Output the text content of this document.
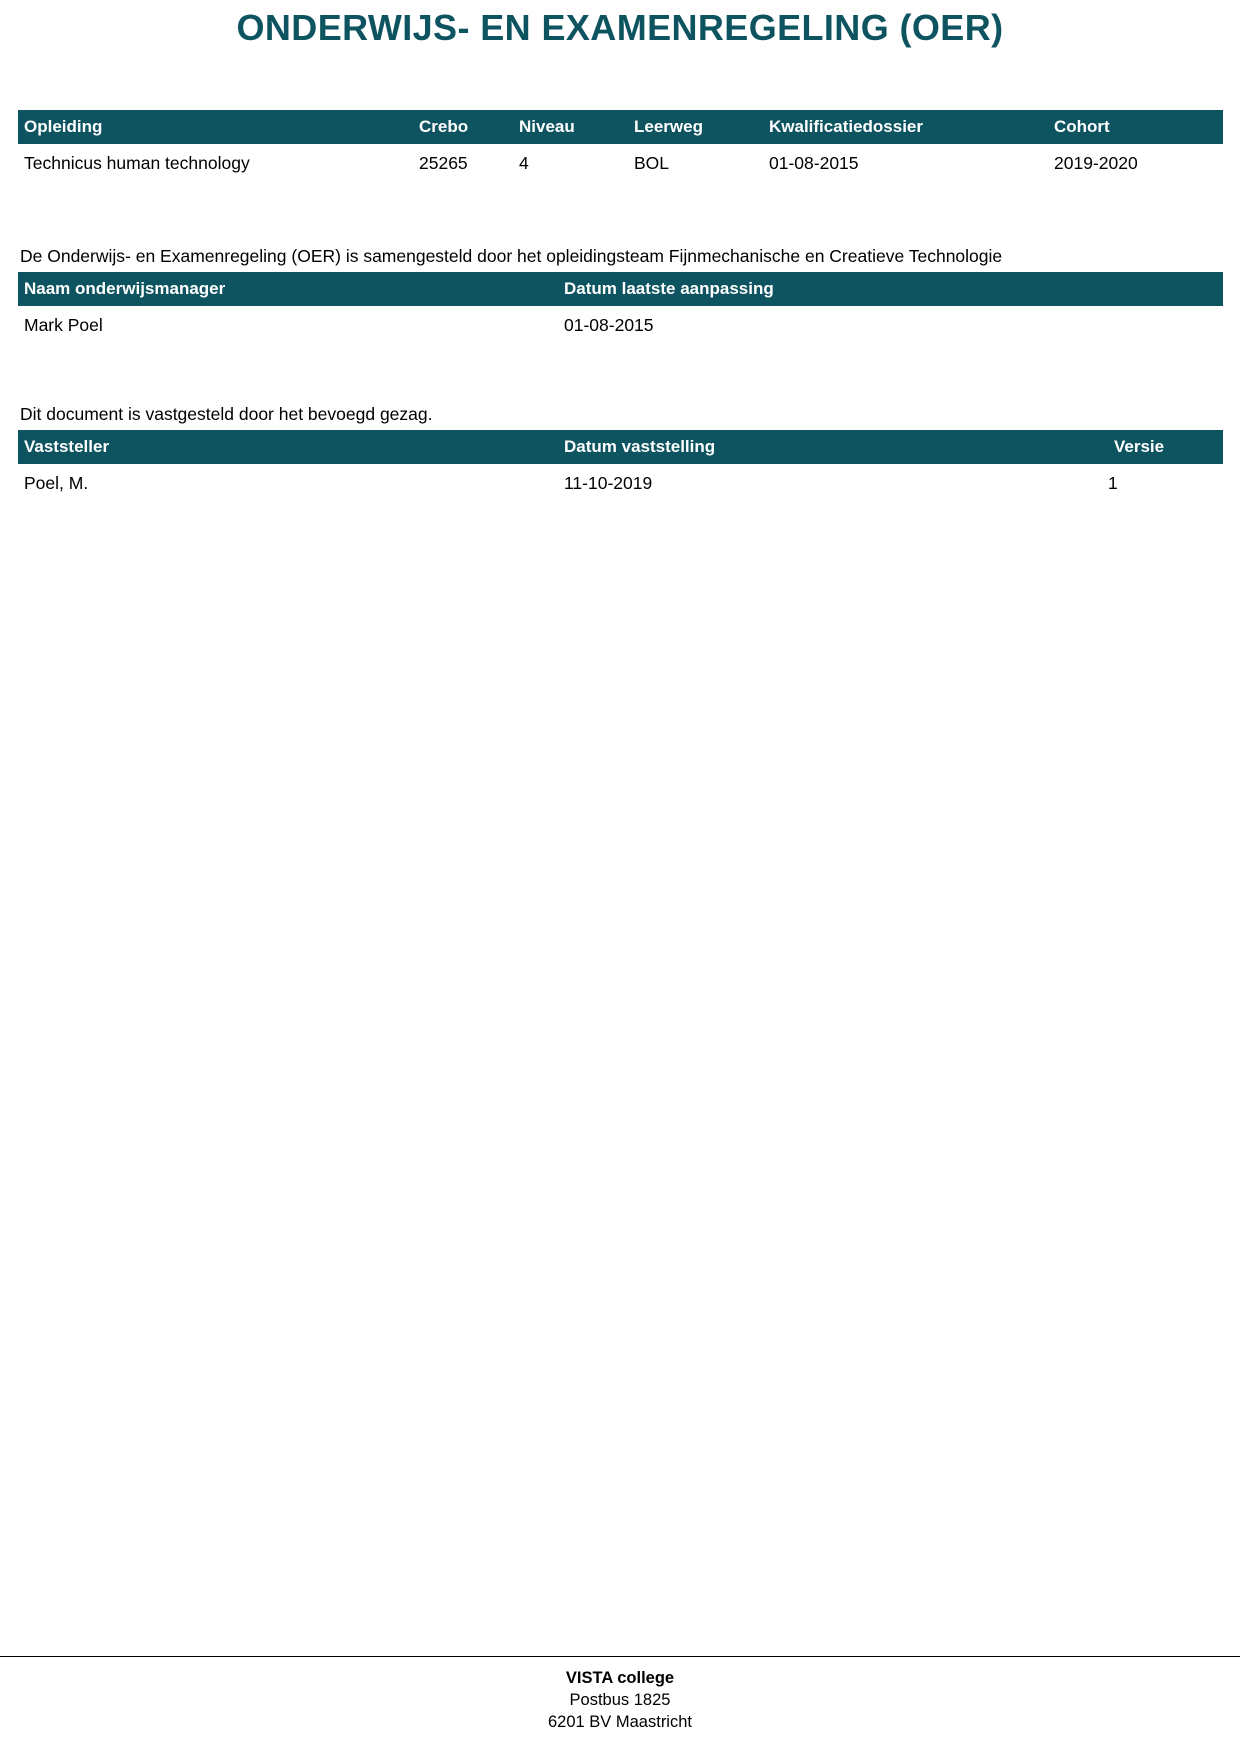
ONDERWIJS- EN EXAMENREGELING (OER)
Opleiding	Crebo	Niveau	Leerweg	Kwalificatiedossier	Cohort
Technicus human technology	25265	4	BOL	01-08-2015	2019-2020

De Onderwijs- en Examenregeling (OER) is samengesteld door het opleidingsteam Fijnmechanische en Creatieve Technologie

Naam onderwijsmanager	Datum laatste aanpassing
Mark Poel	01-08-2015

Dit document is vastgesteld door het bevoegd gezag.

Vaststeller	Datum vaststelling	Versie
Poel, M.	11-10-2019	1
VISTA college
Postbus 1825
6201 BV Maastricht
